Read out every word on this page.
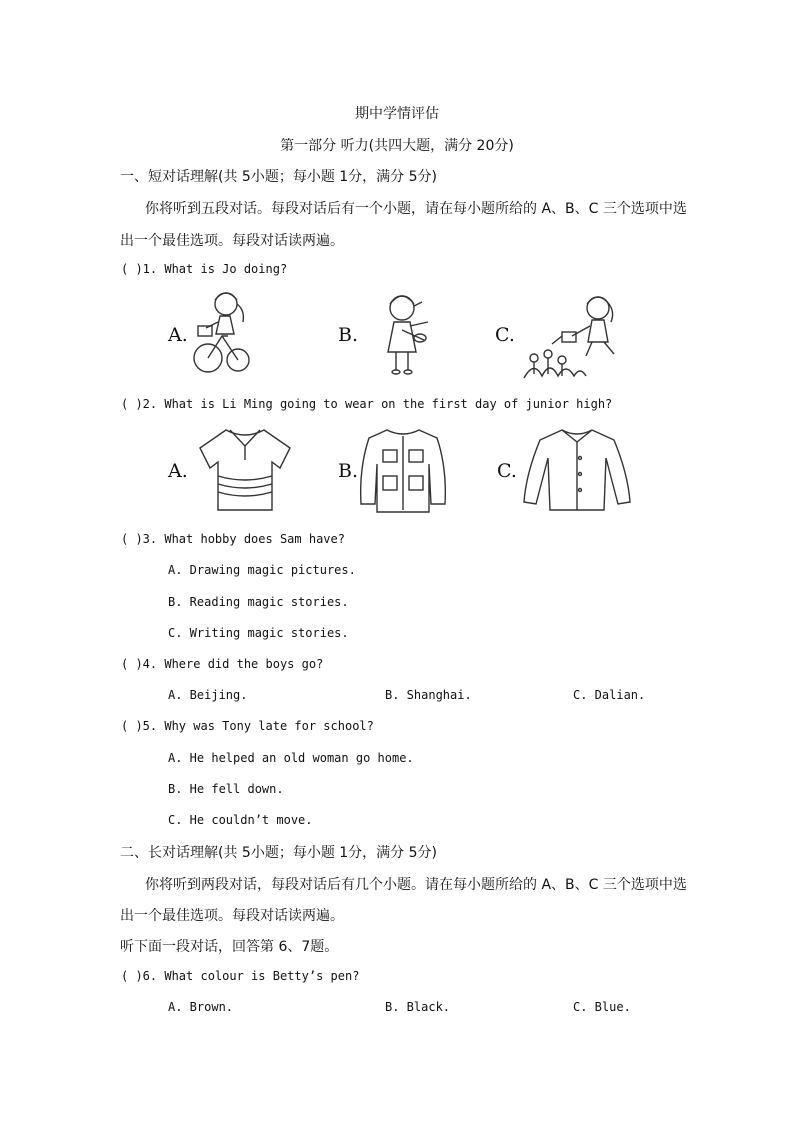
期中学情评估
第一部分 听力(共四大题，满分 20分)
一、短对话理解(共 5小题；每小题 1分，满分 5分)
你将听到五段对话。每段对话后有一个小题，请在每小题所给的 A、B、C 三个选项中选
出一个最佳选项。每段对话读两遍。
( )1. What is Jo doing?
A.	B.	C.
( )2. What is Li Ming going to wear on the first day of junior high?
A.	B.	C.
( )3. What hobby does Sam have?
A. Drawing magic pictures.
B. Reading magic stories.
C. Writing magic stories.
( )4. Where did the boys go?
A. Beijing.	B. Shanghai.	C. Dalian.
( )5. Why was Tony late for school?
A. He helped an old woman go home.
B. He fell down.
C. He couldn’t move.
二、长对话理解(共 5小题；每小题 1分，满分 5分)
你将听到两段对话，每段对话后有几个小题。请在每小题所给的 A、B、C 三个选项中选
出一个最佳选项。每段对话读两遍。
听下面一段对话，回答第 6、7题。
( )6. What colour is Betty’s pen?
A. Brown.	B. Black.	C. Blue.
